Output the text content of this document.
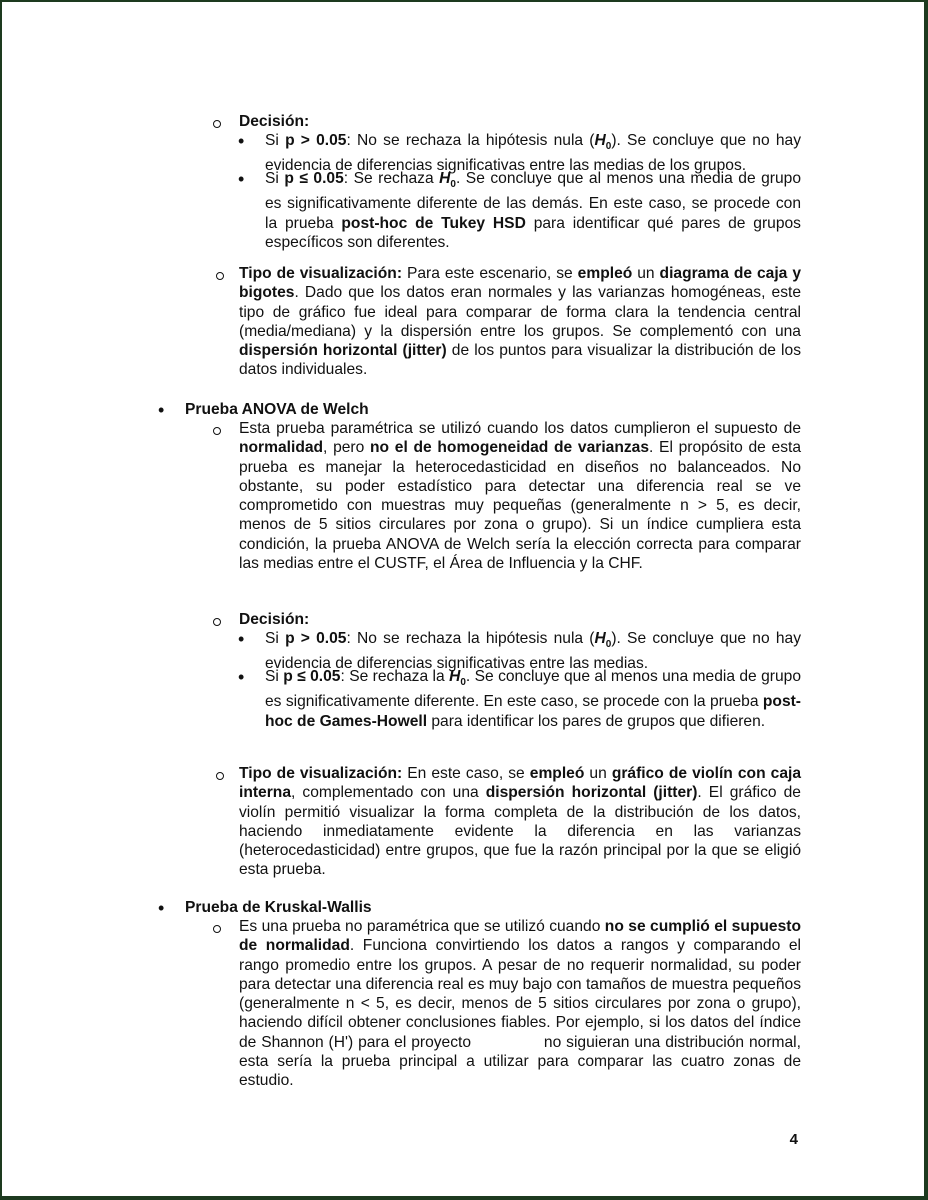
Decisión:
• Si p > 0.05: No se rechaza la hipótesis nula $(H_0)$. Se concluye que no hay evidencia de diferencias significativas entre las medias de los grupos.
• Si p ≤ 0.05: Se rechaza $H_0$. Se concluye que al menos una media de grupo es significativamente diferente de las demás. En este caso, se procede con la prueba post-hoc de Tukey HSD para identificar qué pares de grupos específicos son diferentes.
Tipo de visualización: Para este escenario, se empleó un diagrama de caja y bigotes. Dado que los datos eran normales y las varianzas homogéneas, este tipo de gráfico fue ideal para comparar de forma clara la tendencia central (media/mediana) y la dispersión entre los grupos. Se complementó con una dispersión horizontal (jitter) de los puntos para visualizar la distribución de los datos individuales.
• Prueba ANOVA de Welch
Esta prueba paramétrica se utilizó cuando los datos cumplieron el supuesto de normalidad, pero no el de homogeneidad de varianzas. El propósito de esta prueba es manejar la heterocedasticidad en diseños no balanceados. No obstante, su poder estadístico para detectar una diferencia real se ve comprometido con muestras muy pequeñas (generalmente n > 5, es decir, menos de 5 sitios circulares por zona o grupo). Si un índice cumpliera esta condición, la prueba ANOVA de Welch sería la elección correcta para comparar las medias entre el CUSTF, el Área de Influencia y la CHF.
Decisión:
• Si p > 0.05: No se rechaza la hipótesis nula $(H_0)$. Se concluye que no hay evidencia de diferencias significativas entre las medias.
• Si p ≤ 0.05: Se rechaza la $H_0$. Se concluye que al menos una media de grupo es significativamente diferente. En este caso, se procede con la prueba post-hoc de Games-Howell para identificar los pares de grupos que difieren.
Tipo de visualización: En este caso, se empleó un gráfico de violín con caja interna, complementado con una dispersión horizontal (jitter). El gráfico de violín permitió visualizar la forma completa de la distribución de los datos, haciendo inmediatamente evidente la diferencia en las varianzas (heterocedasticidad) entre grupos, que fue la razón principal por la que se eligió esta prueba.
• Prueba de Kruskal-Wallis
Es una prueba no paramétrica que se utilizó cuando no se cumplió el supuesto de normalidad. Funciona convirtiendo los datos a rangos y comparando el rango promedio entre los grupos. A pesar de no requerir normalidad, su poder para detectar una diferencia real es muy bajo con tamaños de muestra pequeños (generalmente n < 5, es decir, menos de 5 sitios circulares por zona o grupo), haciendo difícil obtener conclusiones fiables. Por ejemplo, si los datos del índice de Shannon (H') para el proyecto	no siguieran una distribución normal, esta sería la prueba principal a utilizar para comparar las cuatro zonas de estudio.
4
